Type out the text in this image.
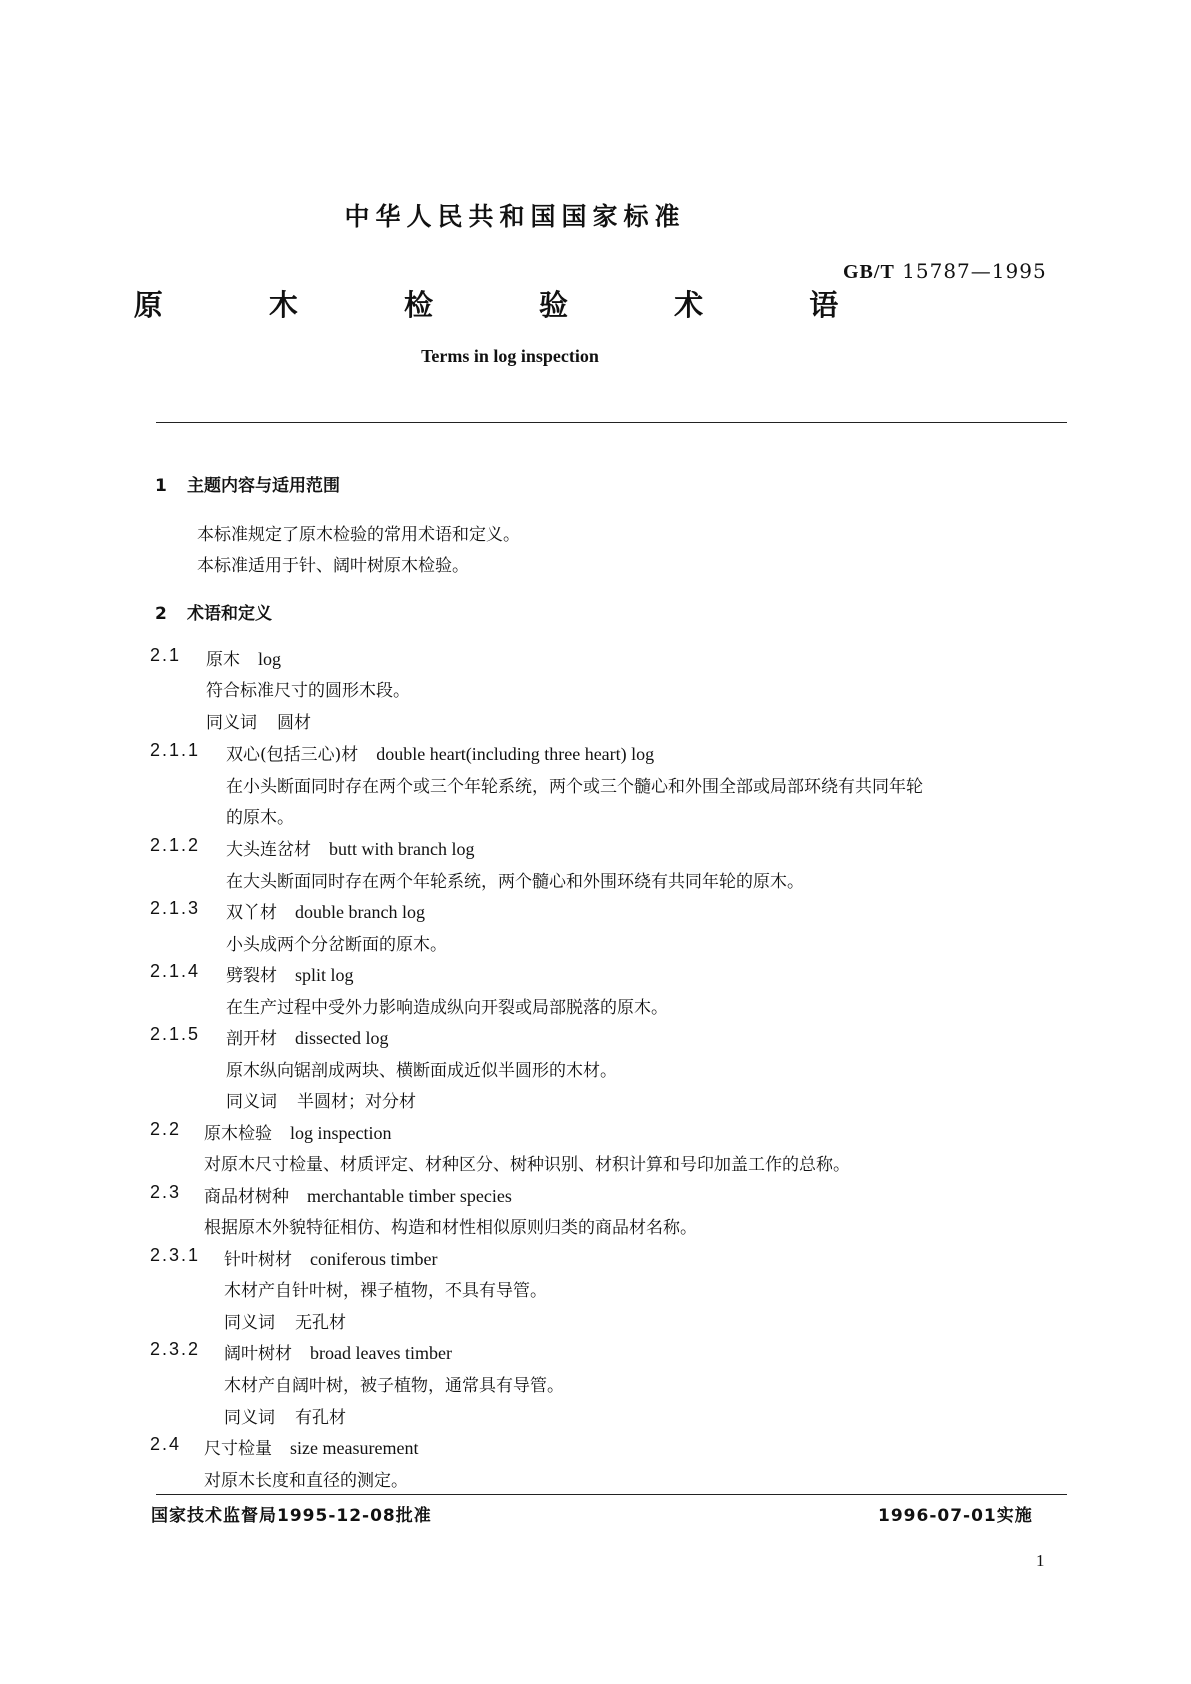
中华人民共和国国家标准
GB/T 15787—1995
原 木 检 验 术 语
Terms in log inspection
1 主题内容与适用范围
本标准规定了原木检验的常用术语和定义。
本标准适用于针、阔叶树原木检验。
2 术语和定义
2.1 原木 log
符合标准尺寸的圆形木段。
同义词 圆材
2.1.1 双心(包括三心)材 double heart(including three heart) log
在小头断面同时存在两个或三个年轮系统，两个或三个髓心和外围全部或局部环绕有共同年轮
的原木。
2.1.2 大头连岔材 butt with branch log
在大头断面同时存在两个年轮系统，两个髓心和外围环绕有共同年轮的原木。
2.1.3 双丫材 double branch log
小头成两个分岔断面的原木。
2.1.4 劈裂材 split log
在生产过程中受外力影响造成纵向开裂或局部脱落的原木。
2.1.5 剖开材 dissected log
原木纵向锯剖成两块、横断面成近似半圆形的木材。
同义词 半圆材；对分材
2.2 原木检验 log inspection
对原木尺寸检量、材质评定、材种区分、树种识别、材积计算和号印加盖工作的总称。
2.3 商品材树种 merchantable timber species
根据原木外貌特征相仿、构造和材性相似原则归类的商品材名称。
2.3.1 针叶树材 coniferous timber
木材产自针叶树，裸子植物，不具有导管。
同义词 无孔材
2.3.2 阔叶树材 broad leaves timber
木材产自阔叶树，被子植物，通常具有导管。
同义词 有孔材
2.4 尺寸检量 size measurement
对原木长度和直径的测定。
国家技术监督局1995-12-08批准	1996-07-01实施
1
